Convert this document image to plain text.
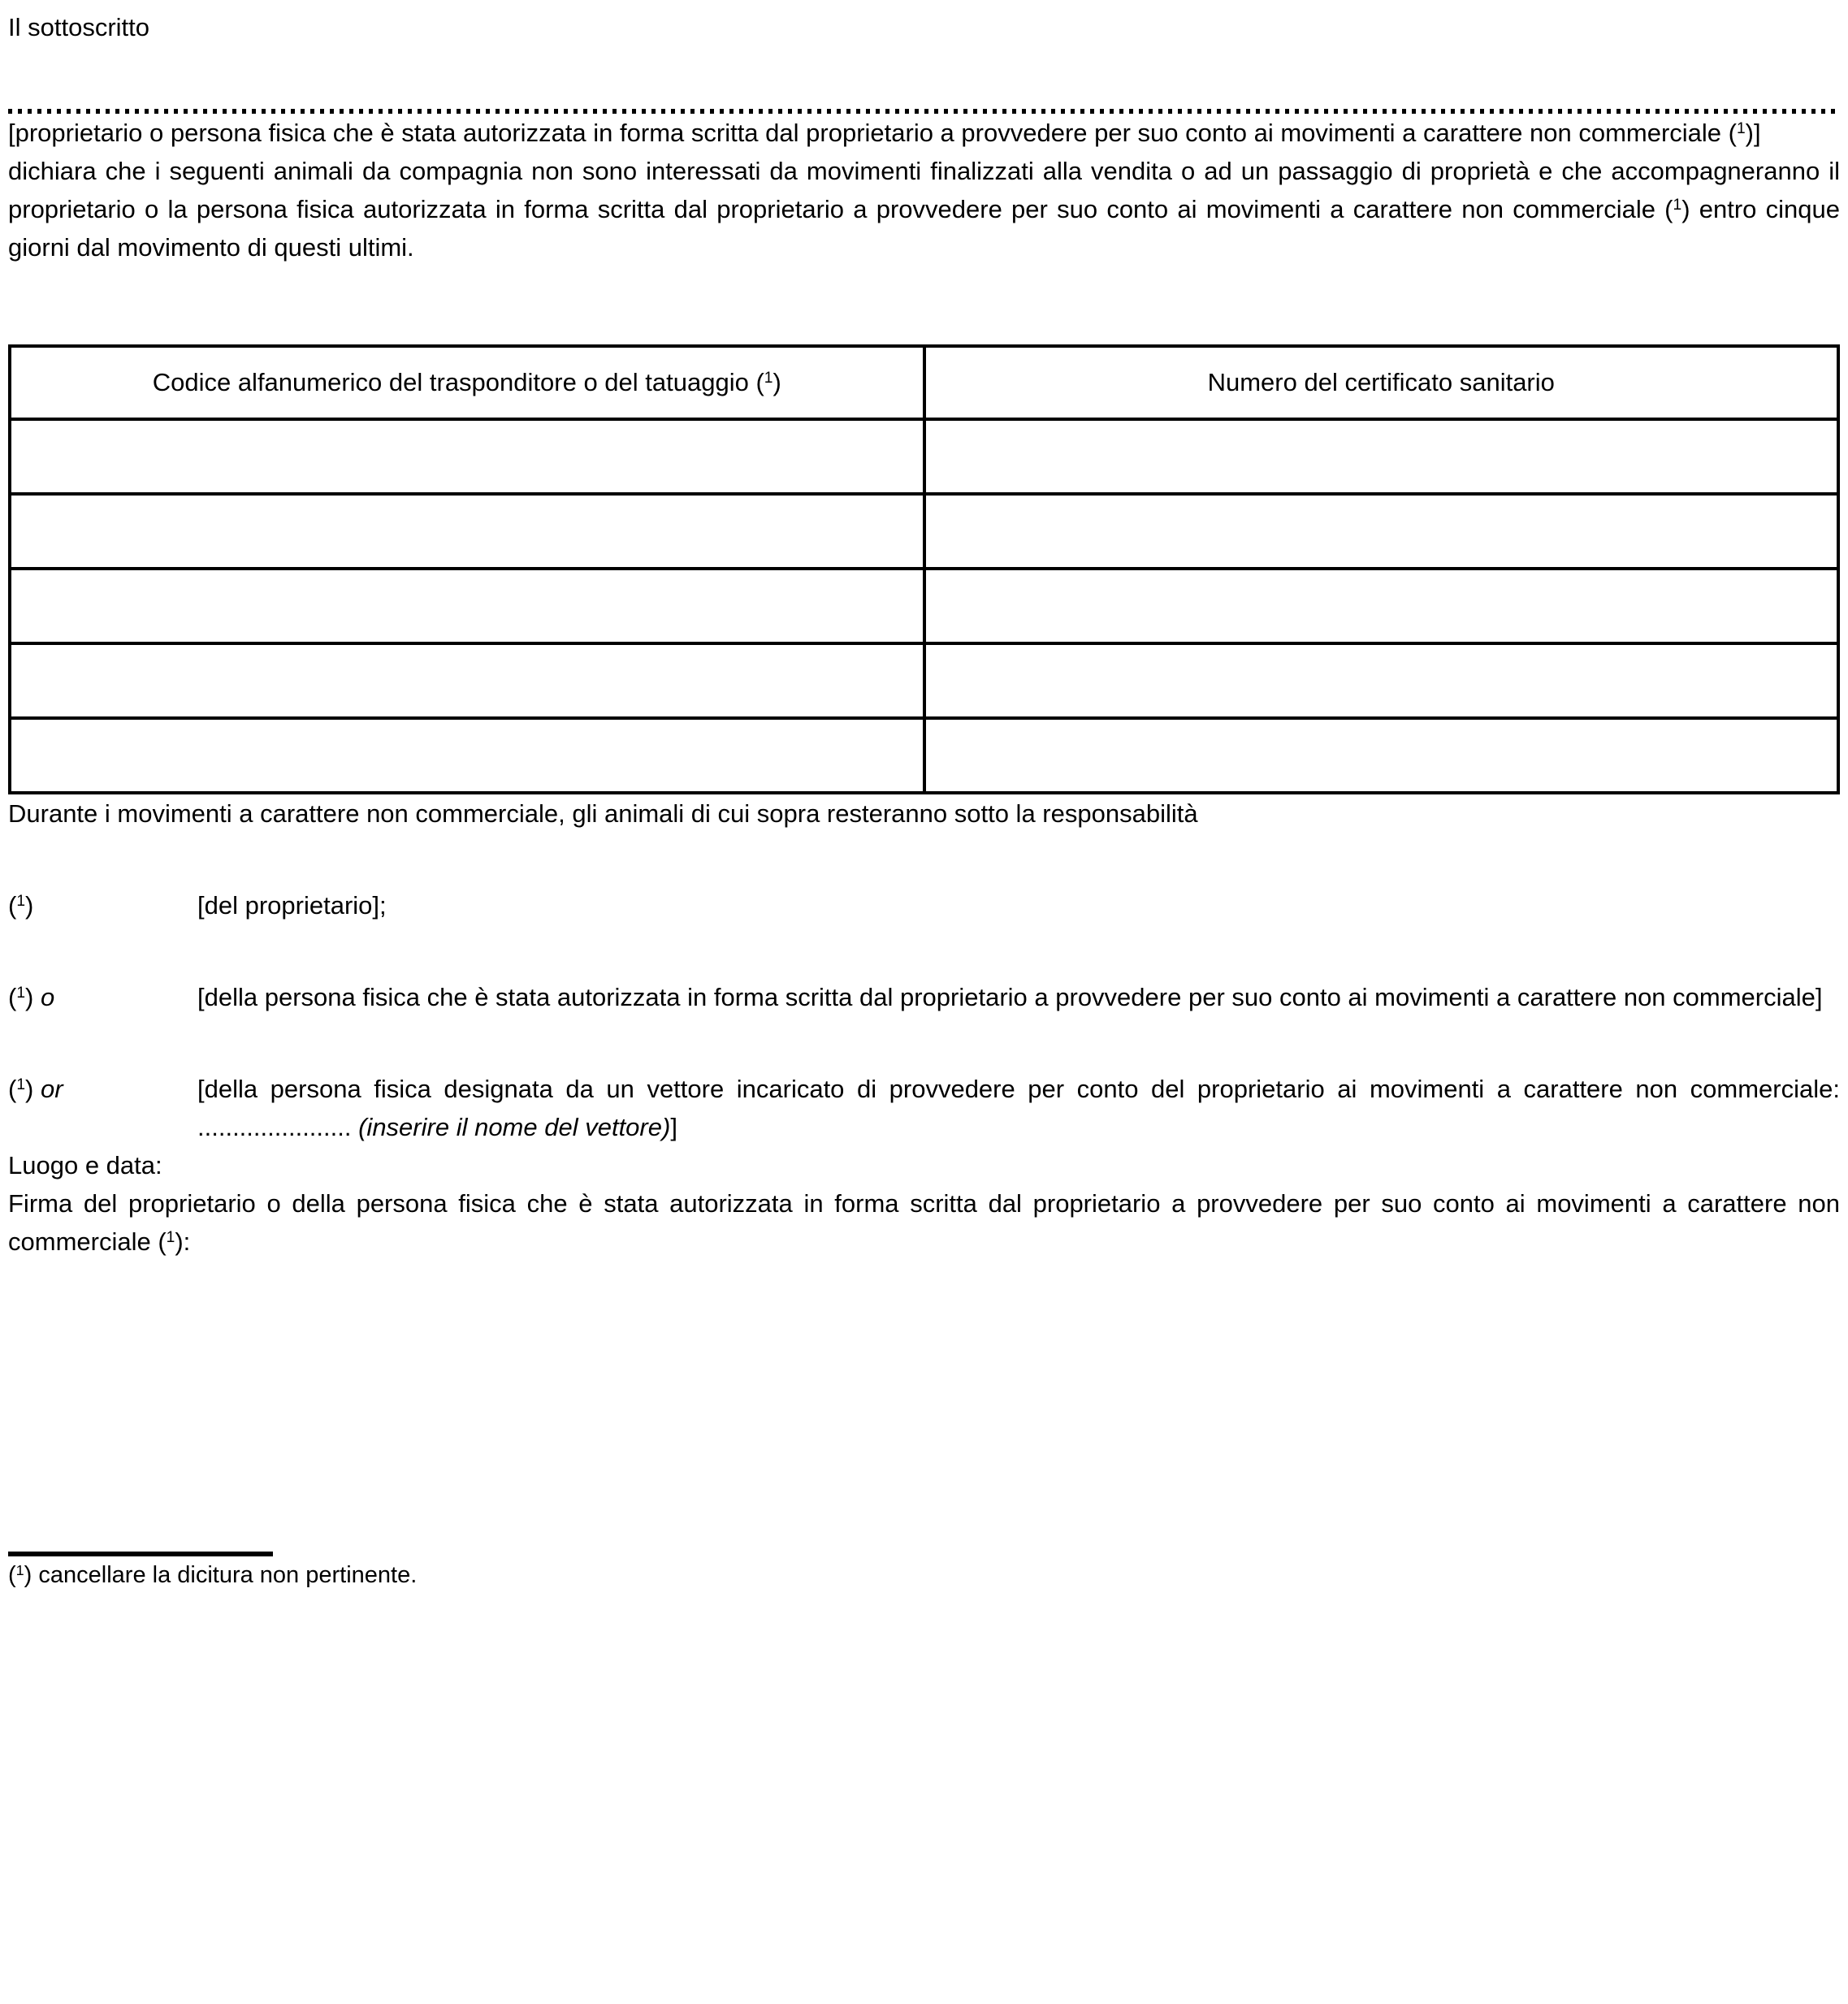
Il sottoscritto

[proprietario o persona fisica che è stata autorizzata in forma scritta dal proprietario a provvedere per suo conto ai movimenti a carattere non commerciale ($^1$)]

dichiara che i seguenti animali da compagnia non sono interessati da movimenti finalizzati alla vendita o ad un passaggio di proprietà e che accompagneranno il proprietario o la persona fisica autorizzata in forma scritta dal proprietario a provvedere per suo conto ai movimenti a carattere non commerciale ($^1$) entro cinque giorni dal movimento di questi ultimi.

Codice alfanumerico del trasponditore o del tatuaggio ($^1$)	Numero del certificato sanitario

Durante i movimenti a carattere non commerciale, gli animali di cui sopra resteranno sotto la responsabilità

($^1$)	[del proprietario];
($^1$) o	[della persona fisica che è stata autorizzata in forma scritta dal proprietario a provvedere per suo conto ai movimenti a carattere non commerciale]
($^1$) or	[della persona fisica designata da un vettore incaricato di provvedere per conto del proprietario ai movimenti a carattere non commerciale: ...................... (inserire il nome del vettore)]

Luogo e data:

Firma del proprietario o della persona fisica che è stata autorizzata in forma scritta dal proprietario a provvedere per suo conto ai movimenti a carattere non commerciale ($^1$):

($^1$) cancellare la dicitura non pertinente.
